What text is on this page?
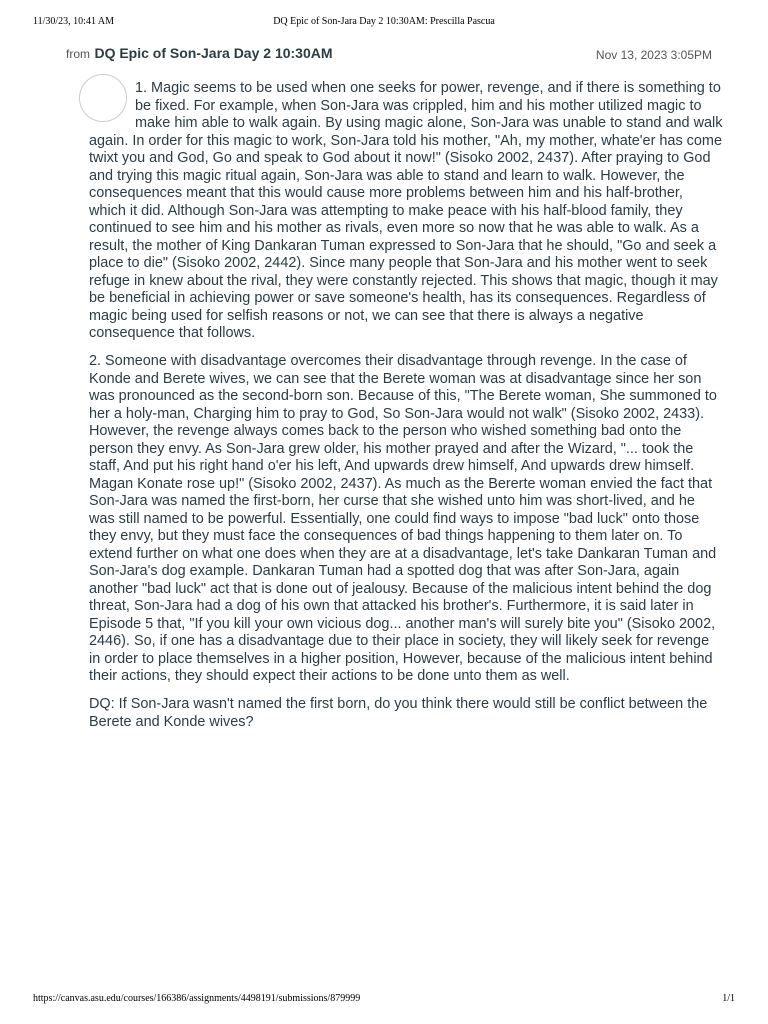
11/30/23, 10:41 AM	DQ Epic of Son-Jara Day 2 10:30AM: Prescilla Pascua
from DQ Epic of Son-Jara Day 2 10:30AM	Nov 13, 2023 3:05PM

1. Magic seems to be used when one seeks for power, revenge, and if there is something to be fixed. For example, when Son-Jara was crippled, him and his mother utilized magic to make him able to walk again. By using magic alone, Son-Jara was unable to stand and walk again. In order for this magic to work, Son-Jara told his mother, "Ah, my mother, whate'er has come twixt you and God, Go and speak to God about it now!" (Sisoko 2002, 2437). After praying to God and trying this magic ritual again, Son-Jara was able to stand and learn to walk. However, the consequences meant that this would cause more problems between him and his half-brother, which it did. Although Son-Jara was attempting to make peace with his half-blood family, they continued to see him and his mother as rivals, even more so now that he was able to walk. As a result, the mother of King Dankaran Tuman expressed to Son-Jara that he should, "Go and seek a place to die" (Sisoko 2002, 2442). Since many people that Son-Jara and his mother went to seek refuge in knew about the rival, they were constantly rejected. This shows that magic, though it may be beneficial in achieving power or save someone's health, has its consequences. Regardless of magic being used for selfish reasons or not, we can see that there is always a negative consequence that follows.

2. Someone with disadvantage overcomes their disadvantage through revenge. In the case of Konde and Berete wives, we can see that the Berete woman was at disadvantage since her son was pronounced as the second-born son. Because of this, "The Berete woman, She summoned to her a holy-man, Charging him to pray to God, So Son-Jara would not walk" (Sisoko 2002, 2433). However, the revenge always comes back to the person who wished something bad onto the person they envy. As Son-Jara grew older, his mother prayed and after the Wizard, "... took the staff, And put his right hand o'er his left, And upwards drew himself, And upwards drew himself. Magan Konate rose up!" (Sisoko 2002, 2437). As much as the Bererte woman envied the fact that Son-Jara was named the first-born, her curse that she wished unto him was short-lived, and he was still named to be powerful. Essentially, one could find ways to impose "bad luck" onto those they envy, but they must face the consequences of bad things happening to them later on. To extend further on what one does when they are at a disadvantage, let's take Dankaran Tuman and Son-Jara's dog example. Dankaran Tuman had a spotted dog that was after Son-Jara, again another "bad luck" act that is done out of jealousy. Because of the malicious intent behind the dog threat, Son-Jara had a dog of his own that attacked his brother's. Furthermore, it is said later in Episode 5 that, "If you kill your own vicious dog... another man's will surely bite you" (Sisoko 2002, 2446). So, if one has a disadvantage due to their place in society, they will likely seek for revenge in order to place themselves in a higher position, However, because of the malicious intent behind their actions, they should expect their actions to be done unto them as well.

DQ: If Son-Jara wasn't named the first born, do you think there would still be conflict between the Berete and Konde wives?

https://canvas.asu.edu/courses/166386/assignments/4498191/submissions/879999	1/1
